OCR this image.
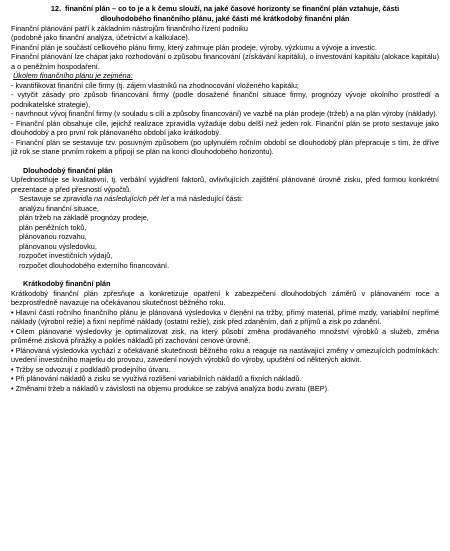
12. finanční plán – co to je a k čemu slouží, na jaké časové horizonty se finanční plán vztahuje, části
dlouhodobého finančního plánu, jaké části mé krátkodobý finanční plán

Finanční plánování patří k základním nástrojům finančního řízení podniku

(podobně jako finanční analýza, účetnictví a kalkulace).

Finanční plán je součástí celkového plánu firmy, který zahrnuje plán prodeje, výroby, výzkumu a vývoje a investic.

Finanční plánování lze chápat jako rozhodování o způsobu financování (získávání kapitálu), o investování kapitálu (alokace kapitálu) a o peněžním hospodaření.

Úkolem finančního plánu je zejména:

- kvantifikovat finanční cíle firmy (tj. zájem vlastníků na zhodnocování vloženého kapitálu;

- vytyčit zásady pro způsob financování firmy (podle dosažené finanční situace firmy, prognózy vývoje okolního prostředí a podnikatelské strategie),

- navrhnout vývoj finanční firmy (v souladu s cíli a způsoby financování) ve vazbě na plán prodeje (tržeb) a na plán výroby (náklady).

- Finanční plán obsahuje cíle, jejichž realizace zpravidla vyžaduje dobu delší než jeden rok. Finanční plán se proto sestavuje jako dlouhodobý a pro první rok plánovaného období jako krátkodobý.

- Finanční plán se sestavuje tzv. posuvným způsobem (po uplynulém ročním období se dlouhodobý plán přepracuje s tím, že dříve již rok se stane prvním rokem a připojí se plán na konci dlouhodobého horizontu).

Dlouhodobý finanční plán

Upřednostňuje se kvalitativní, tj. verbální vyjádření faktorů, ovlivňujících zajištění plánované úrovně zisku, před formou konkrétní prezentace a před přesností výpočtů.

Sestavuje se zpravidla na následujících pět let a má následující části:

analýzu finanční situace,

plán tržeb na základě prognózy prodeje,

plán peněžních toků,

plánovanou rozvahu,

plánovanou výsledovku,

rozpočet investičních výdajů,

rozpočet dlouhodobého externího financování.

Krátkodobý finanční plán

Krátkodobý finanční plán zpřesňuje a konkretizuje opatření k zabezpečení dlouhodobých záměrů v plánovaném roce a bezprostředně navazuje na očekávanou skutečnost běžného roku.

• Hlavní částí ročního finančního plánu je plánovaná výsledovka v členění na tržby, přímý materiál, přímé mzdy, variabilní nepřímé náklady (výrobní režie) a fixní nepřímé náklady (ostatní režie), zisk před zdaněním, daň z příjmů a zisk po zdanění.

• Cílem plánované výsledovky je optimalizovat zisk, na který působí změna prodávaného množství výrobků a služeb, změna průměrné zisková přirážky a pokles nákladů při zachování cenové úrovně.

• Plánovaná výsledovka vychází z očekávané skutečnosti běžného roku a reaguje na nastávající změny v omezujících podmínkách: uvedení investičního majetku do provozu, zavedení nových výrobků do výroby, upuštění od některých aktivit.

• Tržby se odvozují z podkladů prodejního útvaru.

• Při plánování nákladů a zisku se využívá rozlišení variabilních nákladů a fixních nákladů.

• Změnami tržeb a nákladů v závislosti na objemu produkce se zabývá analýza bodu zvratu (BEP).
